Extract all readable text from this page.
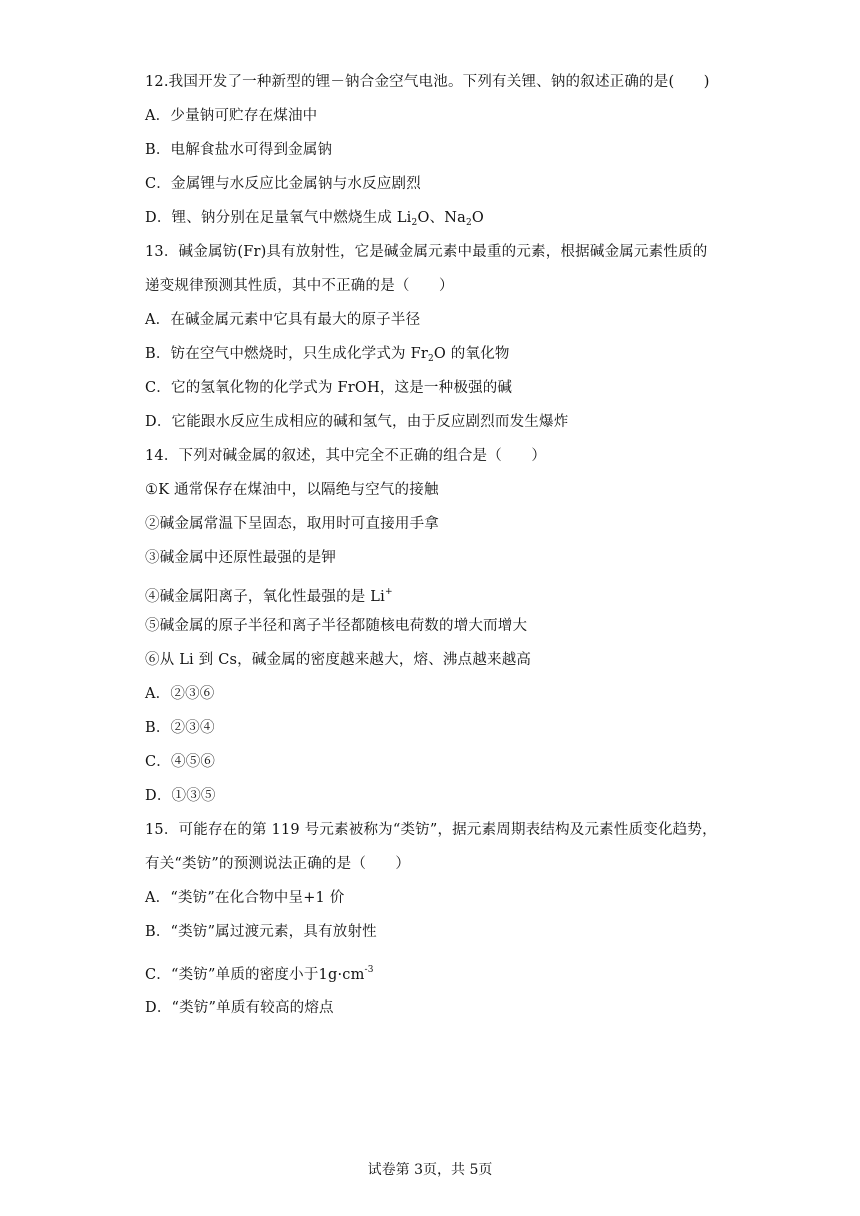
12.我国开发了一种新型的锂－钠合金空气电池。下列有关锂、钠的叙述正确的是(　　)
A．少量钠可贮存在煤油中
B．电解食盐水可得到金属钠
C．金属锂与水反应比金属钠与水反应剧烈
D．锂、钠分别在足量氧气中燃烧生成 $Li_2O$、$Na_2O$
13．碱金属钫(Fr)具有放射性，它是碱金属元素中最重的元素，根据碱金属元素性质的
递变规律预测其性质，其中不正确的是（　　）
A．在碱金属元素中它具有最大的原子半径
B．钫在空气中燃烧时，只生成化学式为 $Fr_2O$ 的氧化物
C．它的氢氧化物的化学式为 FrOH，这是一种极强的碱
D．它能跟水反应生成相应的碱和氢气，由于反应剧烈而发生爆炸
14．下列对碱金属的叙述，其中完全不正确的组合是（　　）
①K 通常保存在煤油中，以隔绝与空气的接触
②碱金属常温下呈固态，取用时可直接用手拿
③碱金属中还原性最强的是钾
④碱金属阳离子，氧化性最强的是 Li+
⑤碱金属的原子半径和离子半径都随核电荷数的增大而增大
⑥从 Li 到 Cs，碱金属的密度越来越大，熔、沸点越来越高
A．②③⑥
B．②③④
C．④⑤⑥
D．①③⑤
15．可能存在的第 119 号元素被称为“类钫”，据元素周期表结构及元素性质变化趋势，
有关“类钫”的预测说法正确的是（　　）
A．“类钫”在化合物中呈+1 价
B．“类钫”属过渡元素，具有放射性
C．“类钫”单质的密度小于$1g\cdot cm^{-3}$
D．“类钫”单质有较高的熔点
试卷第 3页，共 5页
